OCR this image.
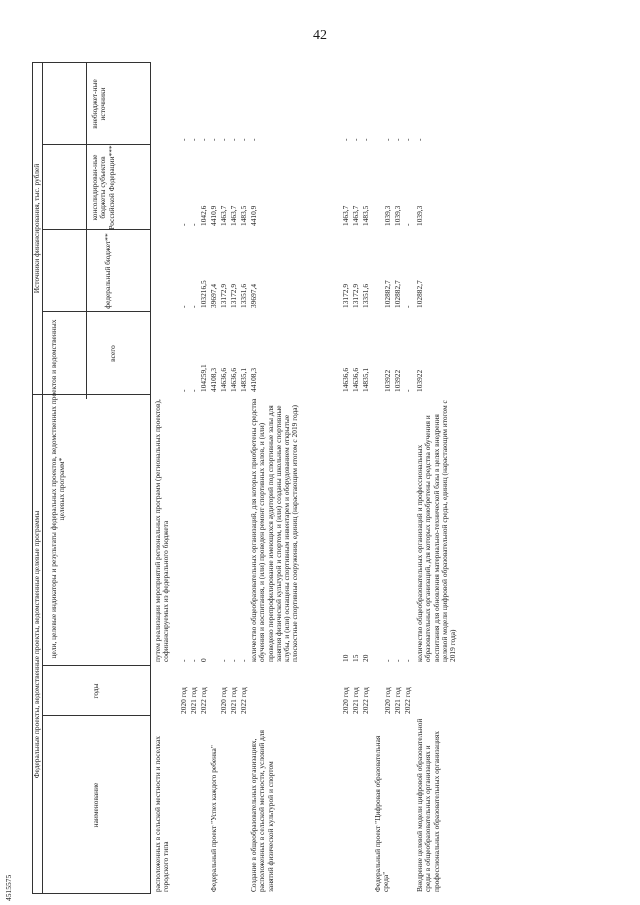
42
4515575
Федеральные проекты, ведомственные проекты, ведомственные целевые программы
Источники финансирования, тыс. рублей
наименование
годы
цели, целевые индикаторы и результаты федеральных проектов, ведомственных проектов и ведомственных целевых программ*
всего
федеральный бюджет**
консолидирован-ные бюджеты субъектов Российской Федерации***
внебюджет-ные источники
расположенных в сельской местности и поселках городского типа
путем реализации мероприятий региональных программ (региональных проектов), софинансируемых из федерального бюджета
2020 год 2021 год 2022 год
- - 0
- - 104259,1
- - 103216,5
- - 1042,6
- - -
Федеральный проект "Успех каждого ребенка"
44108,3
39697,4
4410,9
-
2020 год 2021 год 2022 год
- - -
14636,6 14636,6 14835,1
13172,9 13172,9 13351,6
1463,7 1463,7 1483,5
- - -
Создание в общеобразовательных организациях, расположенных в сельской местности, условий для занятий физической культурой и спортом
количество общеобразовательных организаций, для которых приобретены средства обучения и воспитания, и (или) проведен ремонт спортивных залов, и (или) проведено перепрофилирование имеющихся аудиторий под спортивные залы для занятия физической культурой и спортом, и (или) созданы школьные спортивные клубы, и (или) оснащены спортивным инвентарем и оборудованием открытые плоскостные спортивные сооружения, единиц (нарастающим итогом с 2019 года)
44108,3
39697,4
4410,9
-
2020 год 2021 год 2022 год
10 15 20
14636,6 14636,6 14835,1
13172,9 13172,9 13351,6
1463,7 1463,7 1483,5
- - -
Федеральный проект "Цифровая образовательная среда"
2020 год 2021 год 2022 год
- - -
103922 103922 -
102882,7 102882,7 -
1039,3 1039,3 -
- - -
Внедрение целевой модели цифровой образовательной среды в общеобразовательных организациях и профессиональных образовательных организациях
количество общеобразовательных организаций и профессиональных образовательных организаций, для которых приобретены средства обучения и воспитания для обновления материально-технической базы в целях внедрения целевой модели цифровой образовательной среды, единиц (нарастающим итогом с 2019 года)
103922
102882,7
1039,3
-
